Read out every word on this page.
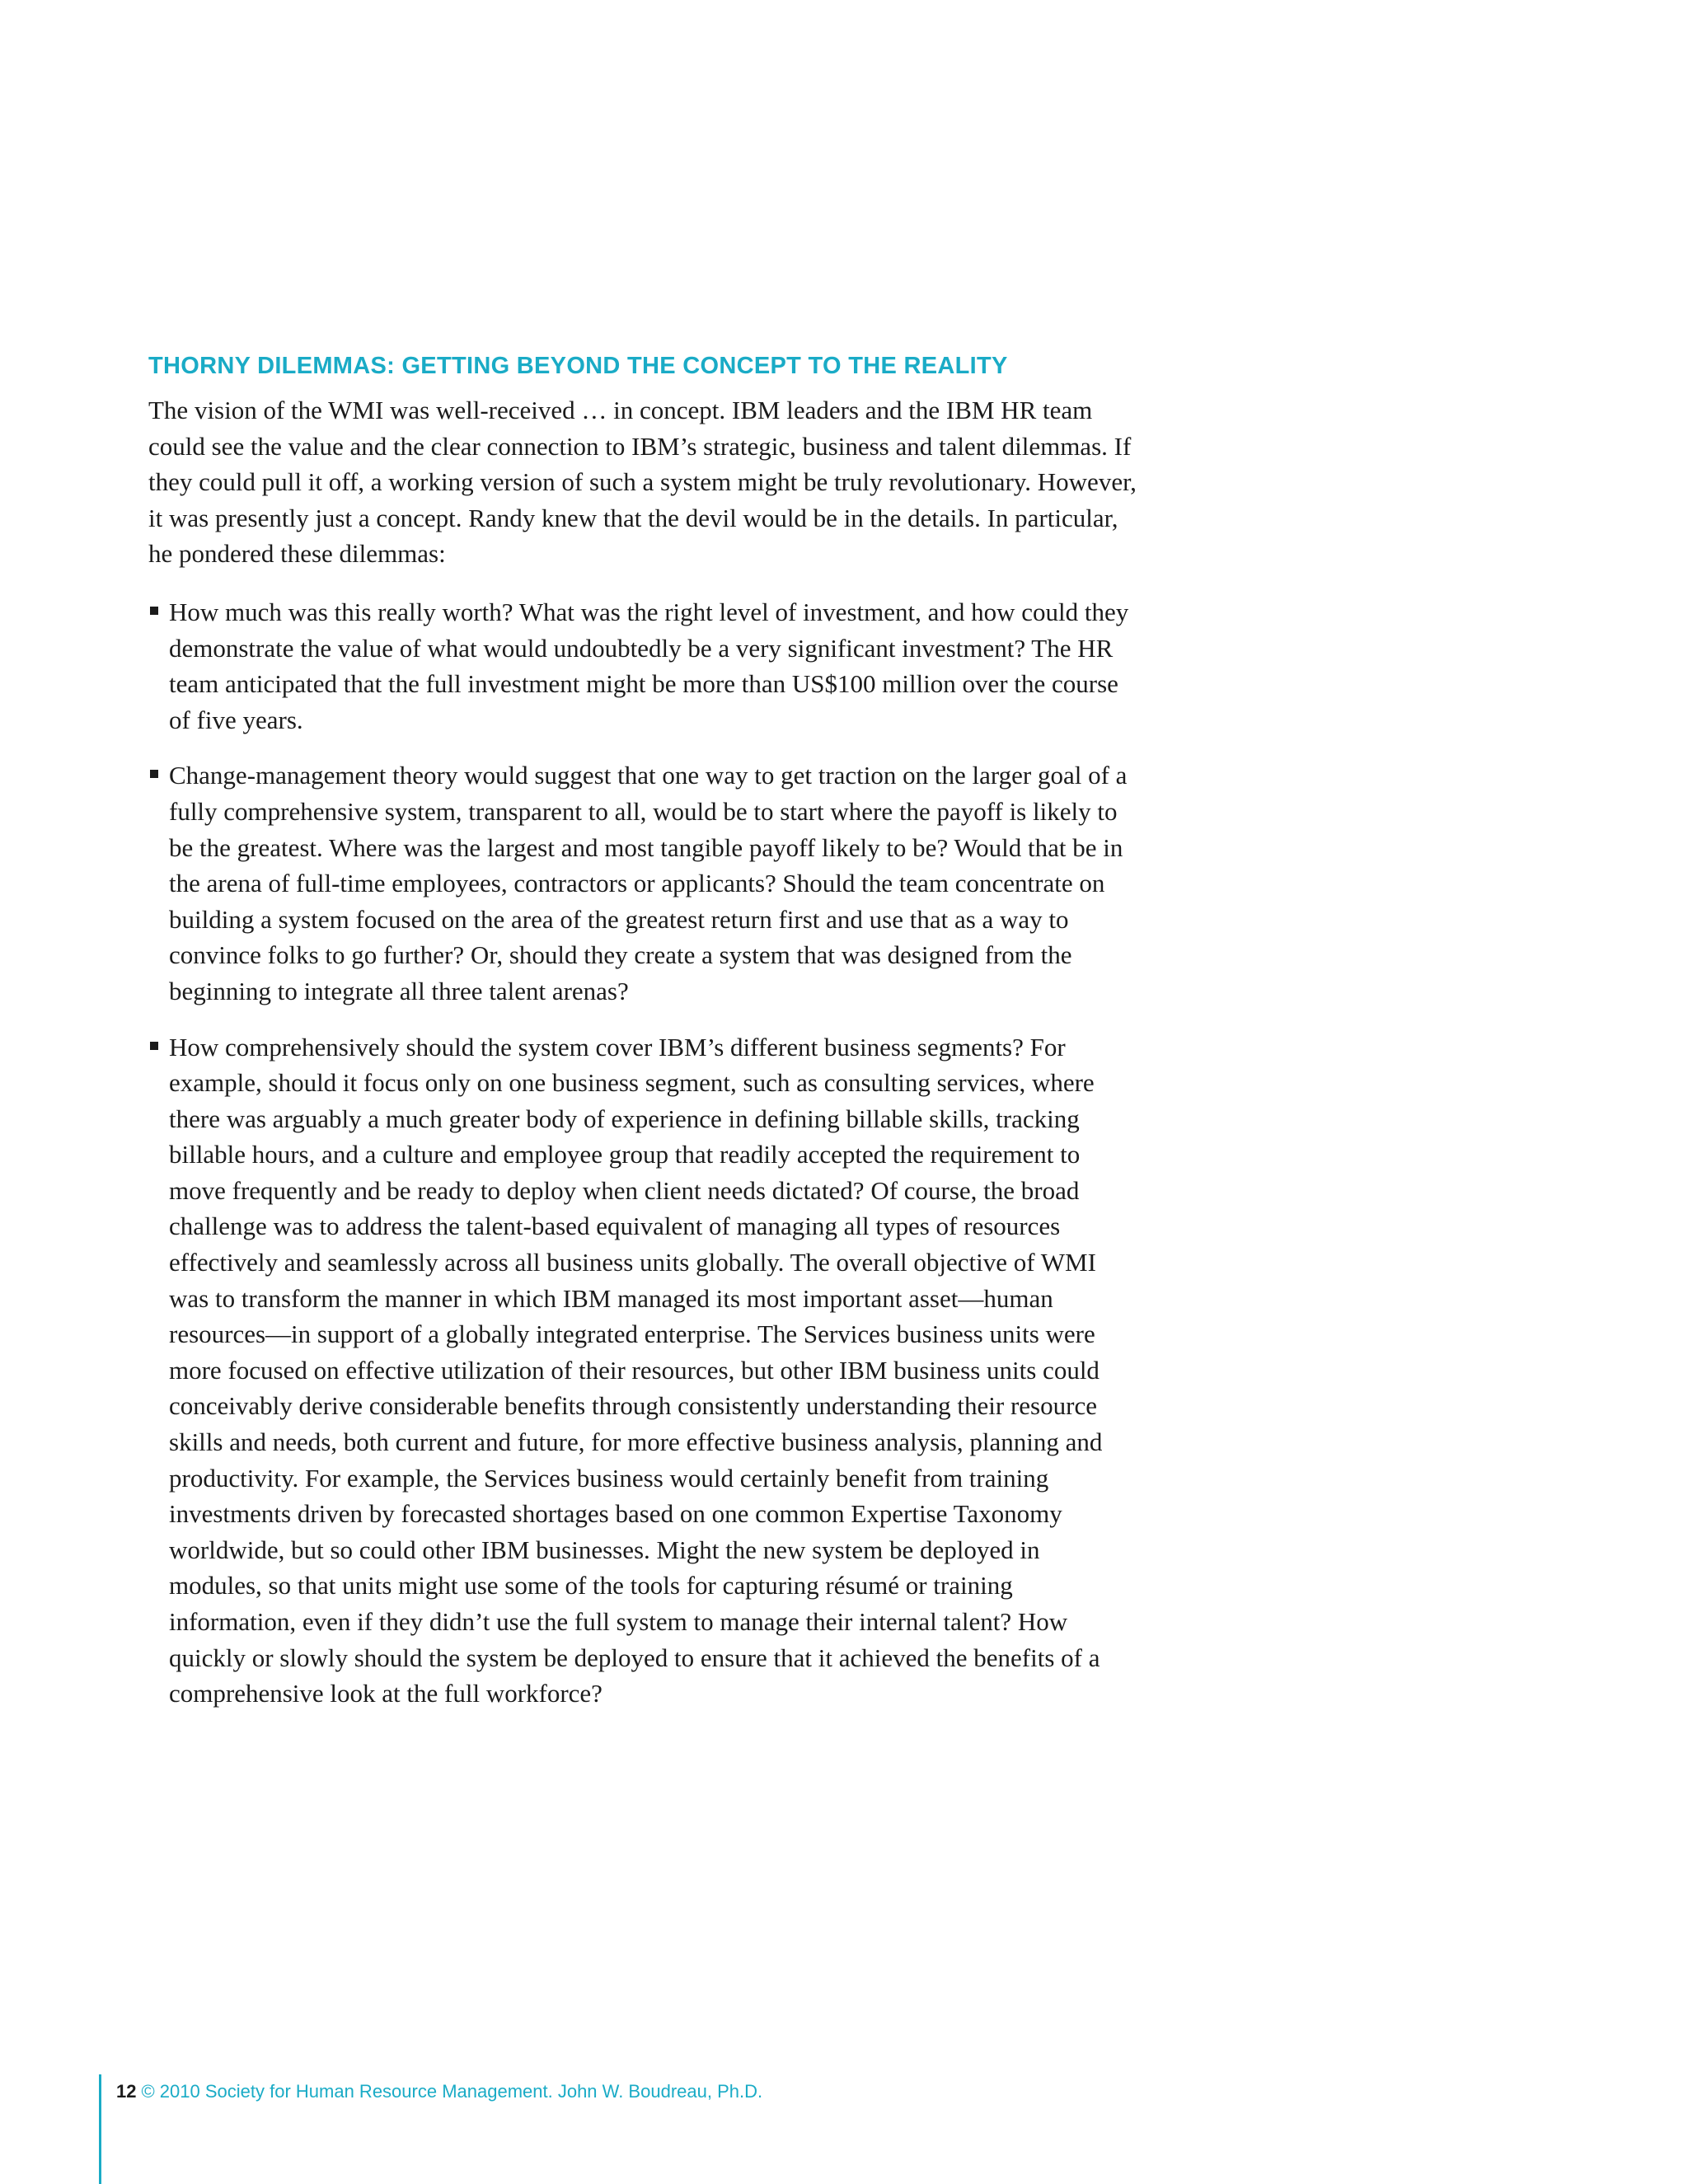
THORNY DILEMMAS: GETTING BEYOND THE CONCEPT TO THE REALITY

The vision of the WMI was well-received … in concept. IBM leaders and the IBM HR team could see the value and the clear connection to IBM’s strategic, business and talent dilemmas. If they could pull it off, a working version of such a system might be truly revolutionary. However, it was presently just a concept. Randy knew that the devil would be in the details. In particular, he pondered these dilemmas:

How much was this really worth? What was the right level of investment, and how could they demonstrate the value of what would undoubtedly be a very significant investment? The HR team anticipated that the full investment might be more than US$100 million over the course of five years.
Change-management theory would suggest that one way to get traction on the larger goal of a fully comprehensive system, transparent to all, would be to start where the payoff is likely to be the greatest. Where was the largest and most tangible payoff likely to be? Would that be in the arena of full-time employees, contractors or applicants? Should the team concentrate on building a system focused on the area of the greatest return first and use that as a way to convince folks to go further? Or, should they create a system that was designed from the beginning to integrate all three talent arenas?
How comprehensively should the system cover IBM’s different business segments? For example, should it focus only on one business segment, such as consulting services, where there was arguably a much greater body of experience in defining billable skills, tracking billable hours, and a culture and employee group that readily accepted the requirement to move frequently and be ready to deploy when client needs dictated? Of course, the broad challenge was to address the talent-based equivalent of managing all types of resources effectively and seamlessly across all business units globally. The overall objective of WMI was to transform the manner in which IBM managed its most important asset—human resources—in support of a globally integrated enterprise. The Services business units were more focused on effective utilization of their resources, but other IBM business units could conceivably derive considerable benefits through consistently understanding their resource skills and needs, both current and future, for more effective business analysis, planning and productivity. For example, the Services business would certainly benefit from training investments driven by forecasted shortages based on one common Expertise Taxonomy worldwide, but so could other IBM businesses. Might the new system be deployed in modules, so that units might use some of the tools for capturing résumé or training information, even if they didn’t use the full system to manage their internal talent? How quickly or slowly should the system be deployed to ensure that it achieved the benefits of a comprehensive look at the full workforce?
12 © 2010 Society for Human Resource Management. John W. Boudreau, Ph.D.
